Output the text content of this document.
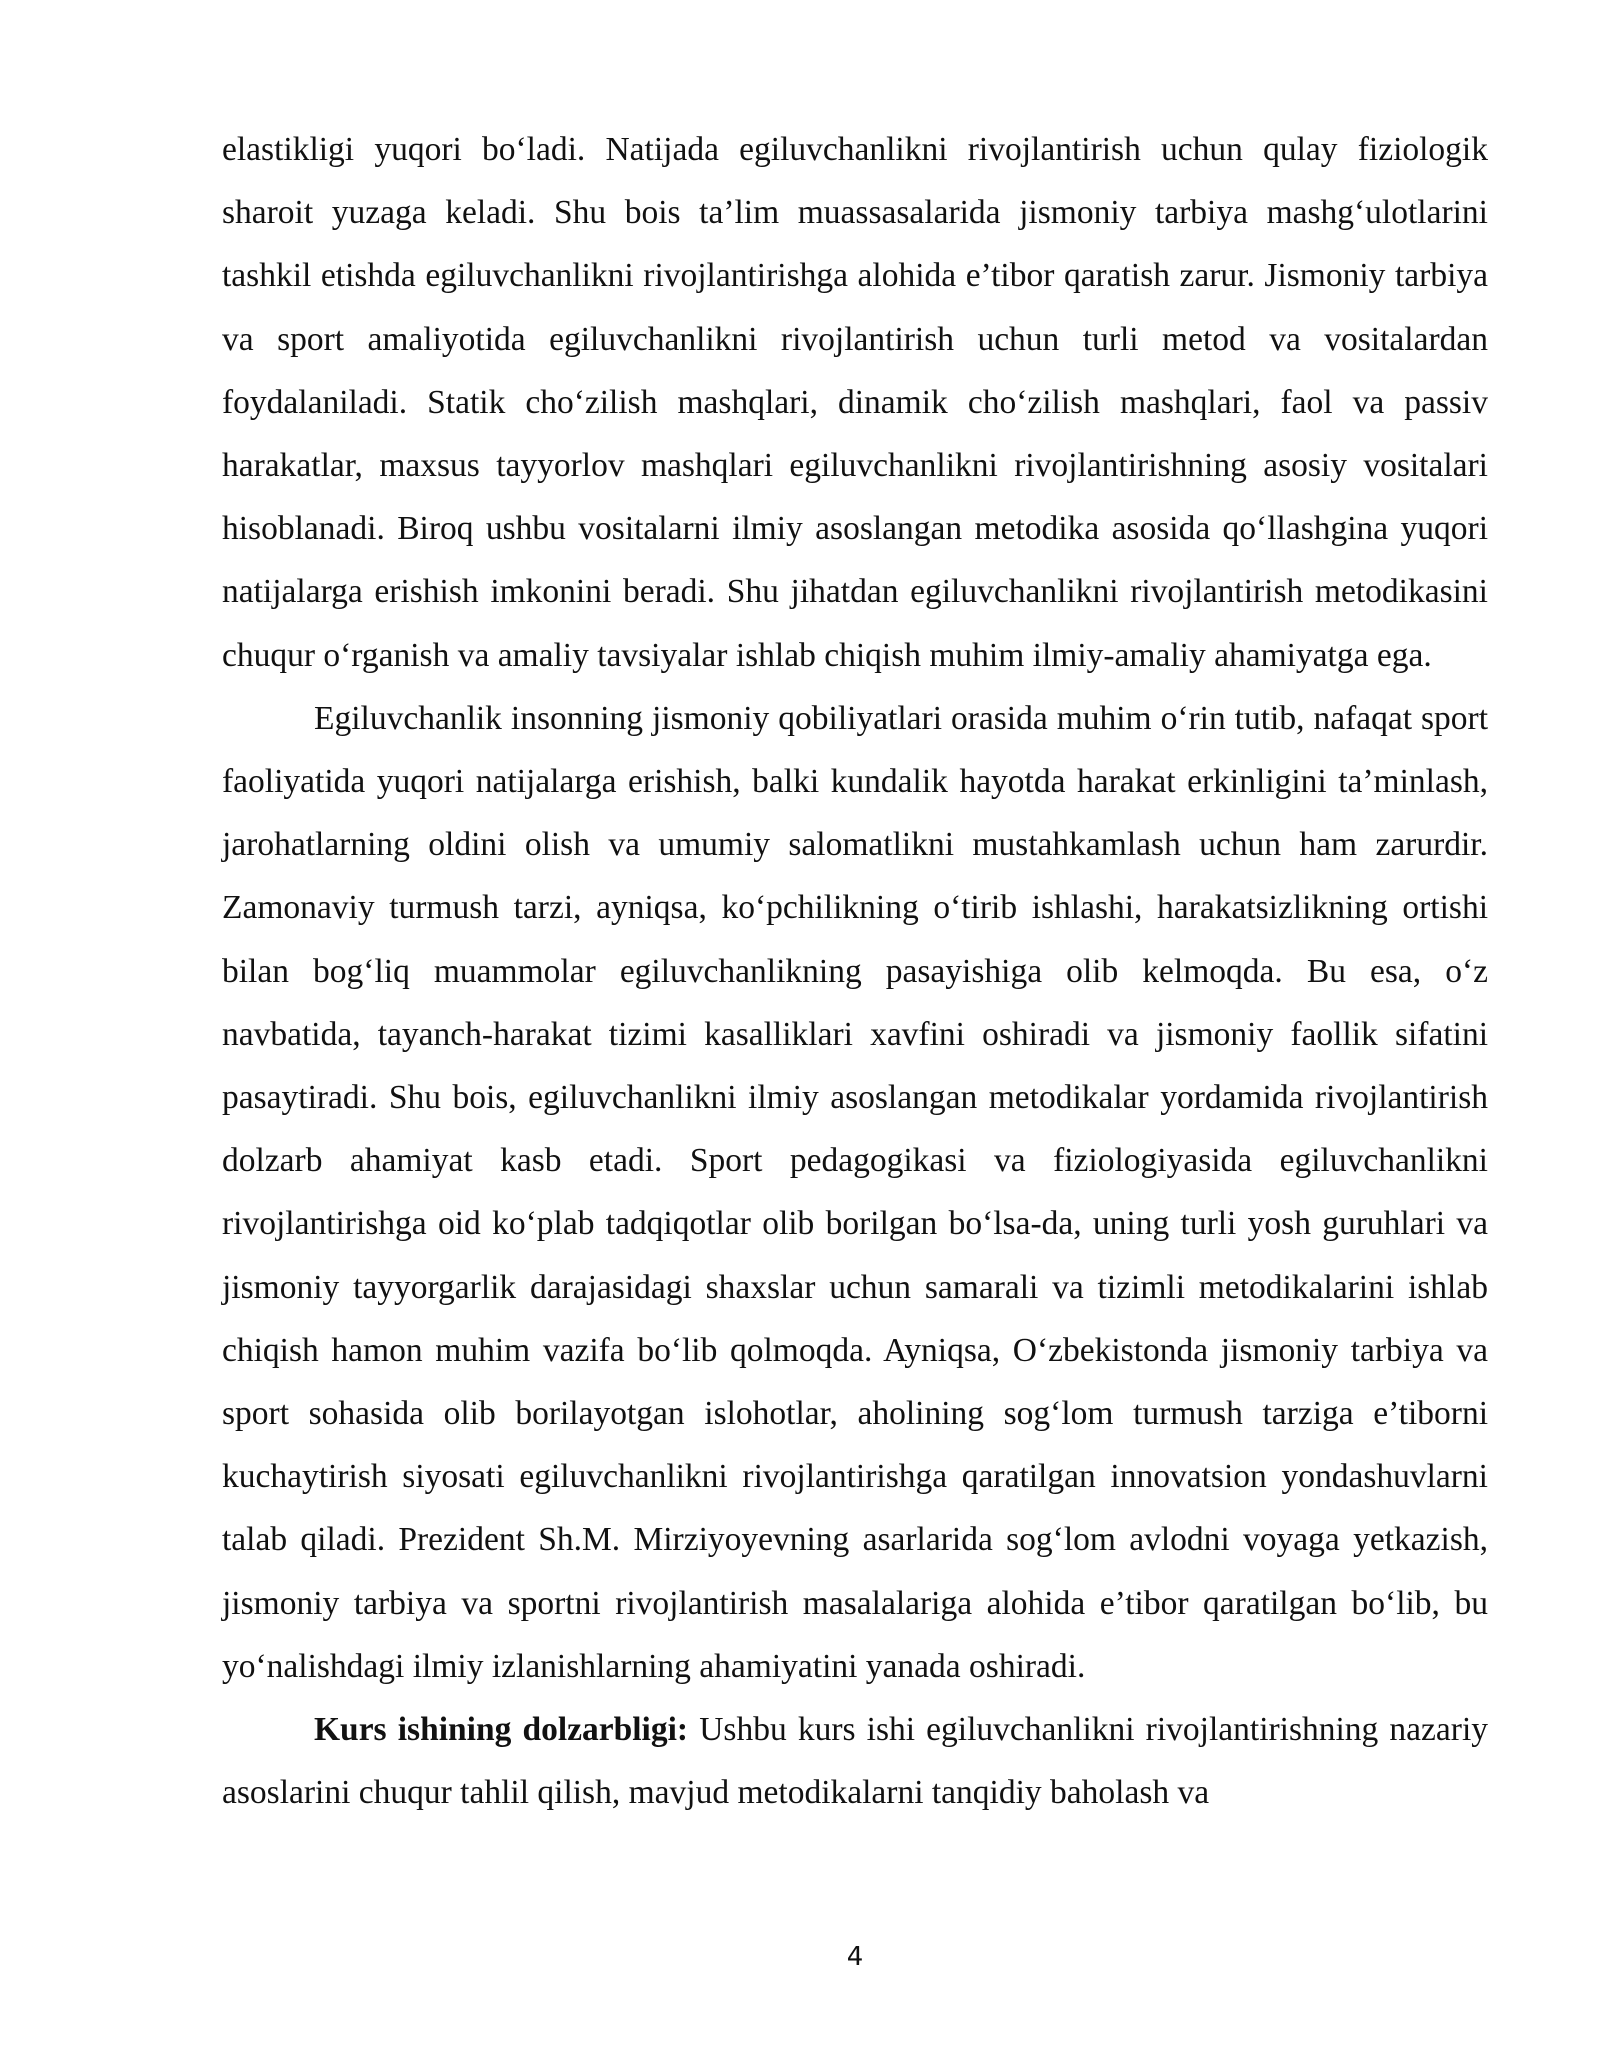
elastikligi yuqori bo‘ladi. Natijada egiluvchanlikni rivojlantirish uchun qulay fiziologik sharoit yuzaga keladi. Shu bois ta’lim muassasalarida jismoniy tarbiya mashg‘ulotlarini tashkil etishda egiluvchanlikni rivojlantirishga alohida e’tibor qaratish zarur. Jismoniy tarbiya va sport amaliyotida egiluvchanlikni rivojlantirish uchun turli metod va vositalardan foydalaniladi. Statik cho‘zilish mashqlari, dinamik cho‘zilish mashqlari, faol va passiv harakatlar, maxsus tayyorlov mashqlari egiluvchanlikni rivojlantirishning asosiy vositalari hisoblanadi. Biroq ushbu vositalarni ilmiy asoslangan metodika asosida qo‘llashgina yuqori natijalarga erishish imkonini beradi. Shu jihatdan egiluvchanlikni rivojlantirish metodikasini chuqur o‘rganish va amaliy tavsiyalar ishlab chiqish muhim ilmiy-amaliy ahamiyatga ega.

Egiluvchanlik insonning jismoniy qobiliyatlari orasida muhim o‘rin tutib, nafaqat sport faoliyatida yuqori natijalarga erishish, balki kundalik hayotda harakat erkinligini ta’minlash, jarohatlarning oldini olish va umumiy salomatlikni mustahkamlash uchun ham zarurdir. Zamonaviy turmush tarzi, ayniqsa, ko‘pchilikning o‘tirib ishlashi, harakatsizlikning ortishi bilan bog‘liq muammolar egiluvchanlikning pasayishiga olib kelmoqda. Bu esa, o‘z navbatida, tayanch-harakat tizimi kasalliklari xavfini oshiradi va jismoniy faollik sifatini pasaytiradi. Shu bois, egiluvchanlikni ilmiy asoslangan metodikalar yordamida rivojlantirish dolzarb ahamiyat kasb etadi. Sport pedagogikasi va fiziologiyasida egiluvchanlikni rivojlantirishga oid ko‘plab tadqiqotlar olib borilgan bo‘lsa-da, uning turli yosh guruhlari va jismoniy tayyorgarlik darajasidagi shaxslar uchun samarali va tizimli metodikalarini ishlab chiqish hamon muhim vazifa bo‘lib qolmoqda. Ayniqsa, O‘zbekistonda jismoniy tarbiya va sport sohasida olib borilayotgan islohotlar, aholining sog‘lom turmush tarziga e’tiborni kuchaytirish siyosati egiluvchanlikni rivojlantirishga qaratilgan innovatsion yondashuvlarni talab qiladi. Prezident Sh.M. Mirziyoyevning asarlarida sog‘lom avlodni voyaga yetkazish, jismoniy tarbiya va sportni rivojlantirish masalalariga alohida e’tibor qaratilgan bo‘lib, bu yo‘nalishdagi ilmiy izlanishlarning ahamiyatini yanada oshiradi.

Kurs ishining dolzarbligi: Ushbu kurs ishi egiluvchanlikni rivojlantirishning nazariy asoslarini chuqur tahlil qilish, mavjud metodikalarni tanqidiy baholash va

4
